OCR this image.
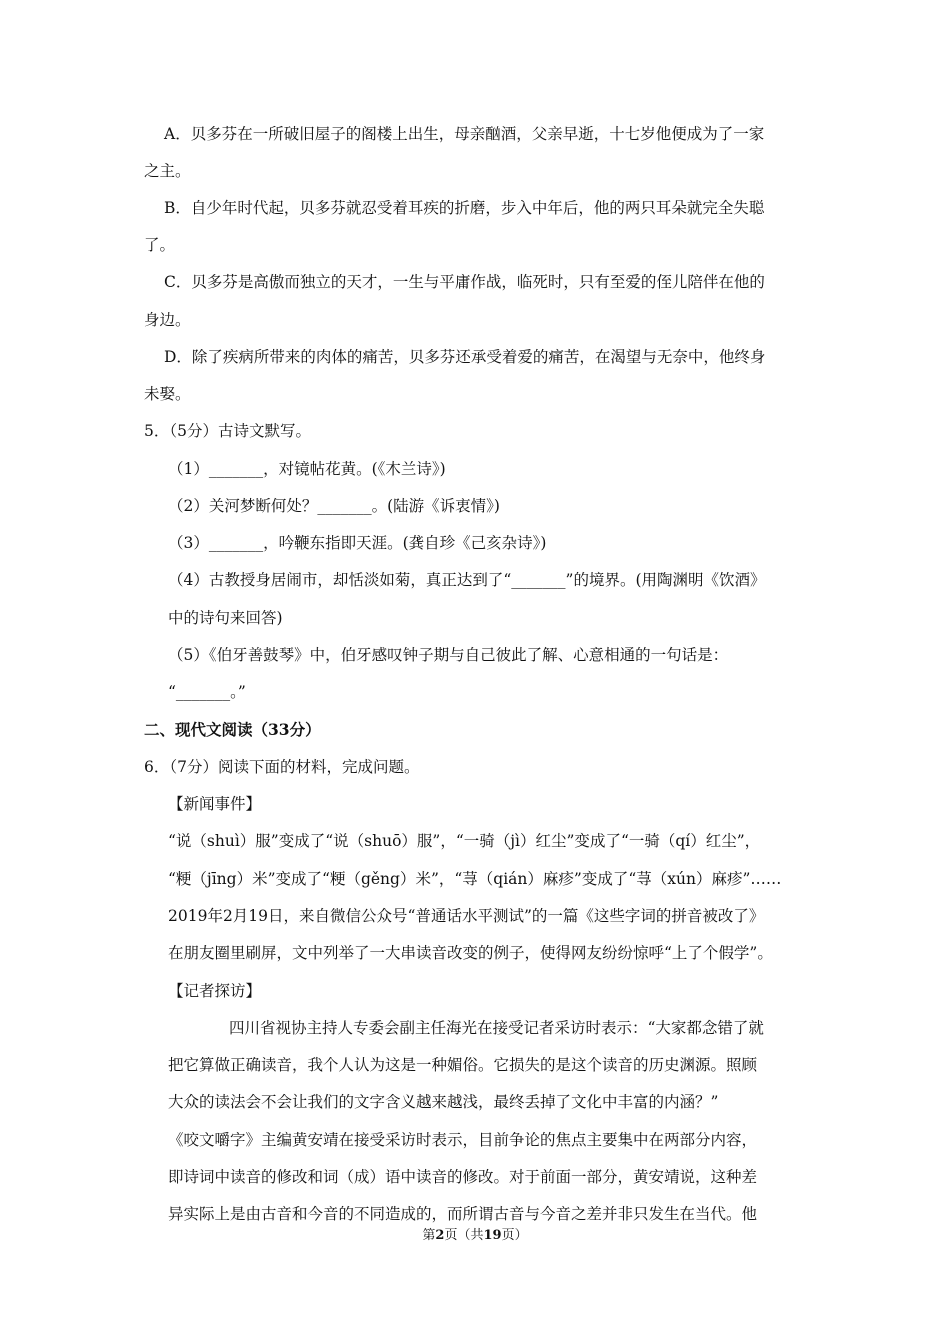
A．贝多芬在一所破旧屋子的阁楼上出生，母亲酗酒，父亲早逝，十七岁他便成为了一家
之主。
B．自少年时代起，贝多芬就忍受着耳疾的折磨，步入中年后，他的两只耳朵就完全失聪
了。
C．贝多芬是高傲而独立的天才，一生与平庸作战，临死时，只有至爱的侄儿陪伴在他的
身边。
D．除了疾病所带来的肉体的痛苦，贝多芬还承受着爱的痛苦，在渴望与无奈中，他终身
未娶。
5．（5分）古诗文默写。
（1）_______，对镜帖花黄。(《木兰诗》)
（2）关河梦断何处？_______。(陆游《诉衷情》)
（3）_______，吟鞭东指即天涯。(龚自珍《己亥杂诗》)
（4）古教授身居闹市，却恬淡如菊，真正达到了“_______”的境界。(用陶渊明《饮酒》
中的诗句来回答)
（5）《伯牙善鼓琴》中，伯牙感叹钟子期与自己彼此了解、心意相通的一句话是：
“_______。”
二、现代文阅读（33分）
6．（7分）阅读下面的材料，完成问题。
【新闻事件】
“说（shuì）服”变成了“说（shuō）服”，“一骑（jì）红尘”变成了“一骑（qí）红尘”，
“粳（jīng）米”变成了“粳（gěng）米”，“荨（qián）麻疹”变成了“荨（xún）麻疹”……
2019年2月19日，来自微信公众号“普通话水平测试”的一篇《这些字词的拼音被改了》
在朋友圈里刷屏，文中列举了一大串读音改变的例子，使得网友纷纷惊呼“上了个假学”。
【记者探访】
四川省视协主持人专委会副主任海光在接受记者采访时表示：“大家都念错了就
把它算做正确读音，我个人认为这是一种媚俗。它损失的是这个读音的历史渊源。照顾
大众的读法会不会让我们的文字含义越来越浅，最终丢掉了文化中丰富的内涵？”
《咬文嚼字》主编黄安靖在接受采访时表示，目前争论的焦点主要集中在两部分内容，
即诗词中读音的修改和词（成）语中读音的修改。对于前面一部分，黄安靖说，这种差
异实际上是由古音和今音的不同造成的，而所谓古音与今音之差并非只发生在当代。他
第2页（共19页）
